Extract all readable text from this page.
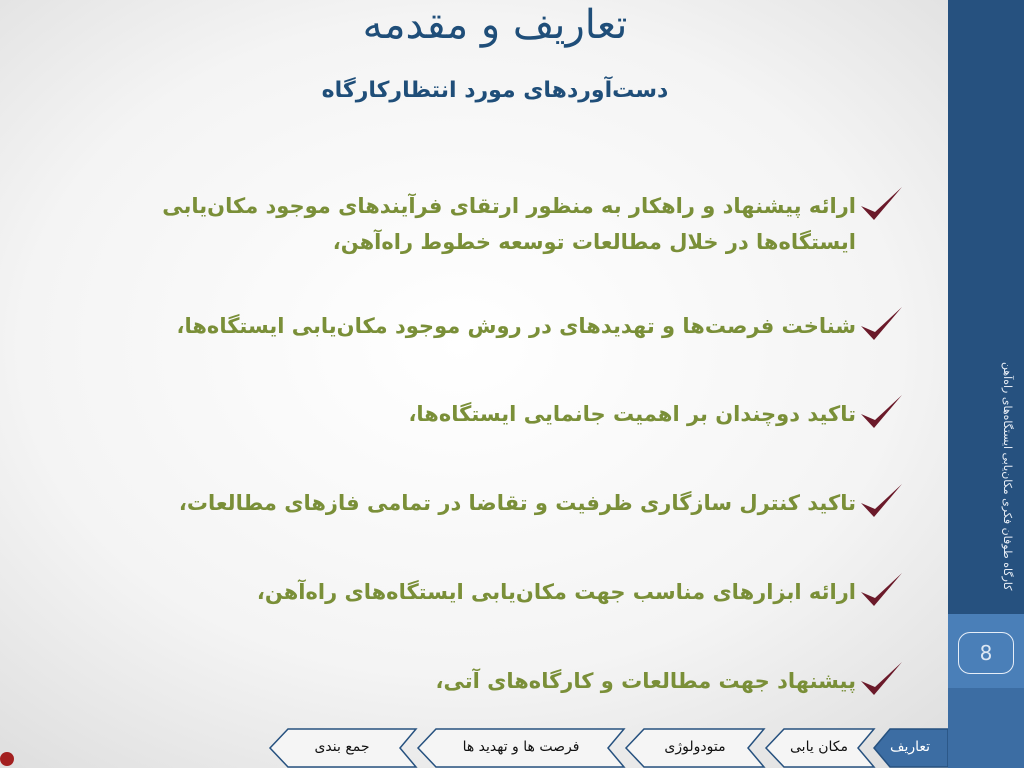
تعاریف و مقدمه
دست‌آوردهای مورد انتظارکارگاه
ارائه پیشنهاد و راهکار به منظور ارتقای فرآیندهای موجود مکان‌یابی
ایستگاه‌ها در خلال مطالعات توسعه خطوط راه‌آهن،
شناخت فرصت‌ها و تهدیدهای در روش موجود مکان‌یابی ایستگاه‌ها،
تاکید دوچندان بر اهمیت جانمایی ایستگاه‌ها،
تاکید کنترل سازگاری ظرفیت و تقاضا در تمامی فازهای مطالعات،
ارائه ابزارهای مناسب جهت مکان‌یابی ایستگاه‌های راه‌آهن،
پیشنهاد جهت مطالعات و کارگاه‌های آتی،
کارگاه طوفان فکری مکان‌یابی ایستگاه‌های راه‌آهن
8
جمع بندی	فرصت ها و تهدید ها	متودولوژی	مکان یابی	تعاریف
